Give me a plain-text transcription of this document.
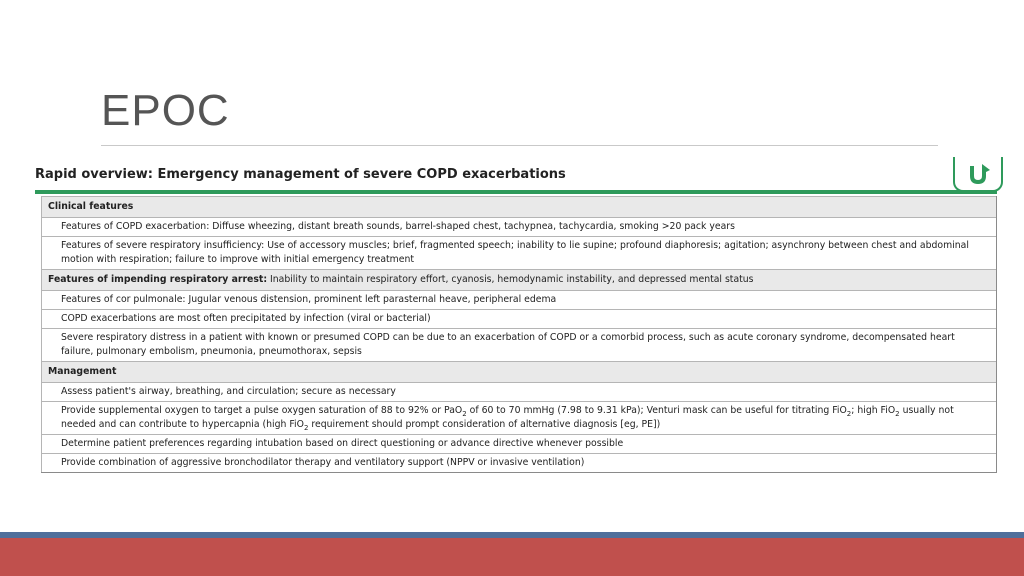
EPOC
Rapid overview: Emergency management of severe COPD exacerbations
Clinical features
Features of COPD exacerbation: Diffuse wheezing, distant breath sounds, barrel-shaped chest, tachypnea, tachycardia, smoking >20 pack years
Features of severe respiratory insufficiency: Use of accessory muscles; brief, fragmented speech; inability to lie supine; profound diaphoresis; agitation; asynchrony between chest and abdominal motion with respiration; failure to improve with initial emergency treatment
Features of impending respiratory arrest: Inability to maintain respiratory effort, cyanosis, hemodynamic instability, and depressed mental status
Features of cor pulmonale: Jugular venous distension, prominent left parasternal heave, peripheral edema
COPD exacerbations are most often precipitated by infection (viral or bacterial)
Severe respiratory distress in a patient with known or presumed COPD can be due to an exacerbation of COPD or a comorbid process, such as acute coronary syndrome, decompensated heart failure, pulmonary embolism, pneumonia, pneumothorax, sepsis
Management
Assess patient's airway, breathing, and circulation; secure as necessary
Provide supplemental oxygen to target a pulse oxygen saturation of 88 to 92% or PaO$_2$ of 60 to 70 mmHg (7.98 to 9.31 kPa); Venturi mask can be useful for titrating FiO$_2$; high FiO$_2$ usually not needed and can contribute to hypercapnia (high FiO$_2$ requirement should prompt consideration of alternative diagnosis [eg, PE])
Determine patient preferences regarding intubation based on direct questioning or advance directive whenever possible
Provide combination of aggressive bronchodilator therapy and ventilatory support (NPPV or invasive ventilation)
